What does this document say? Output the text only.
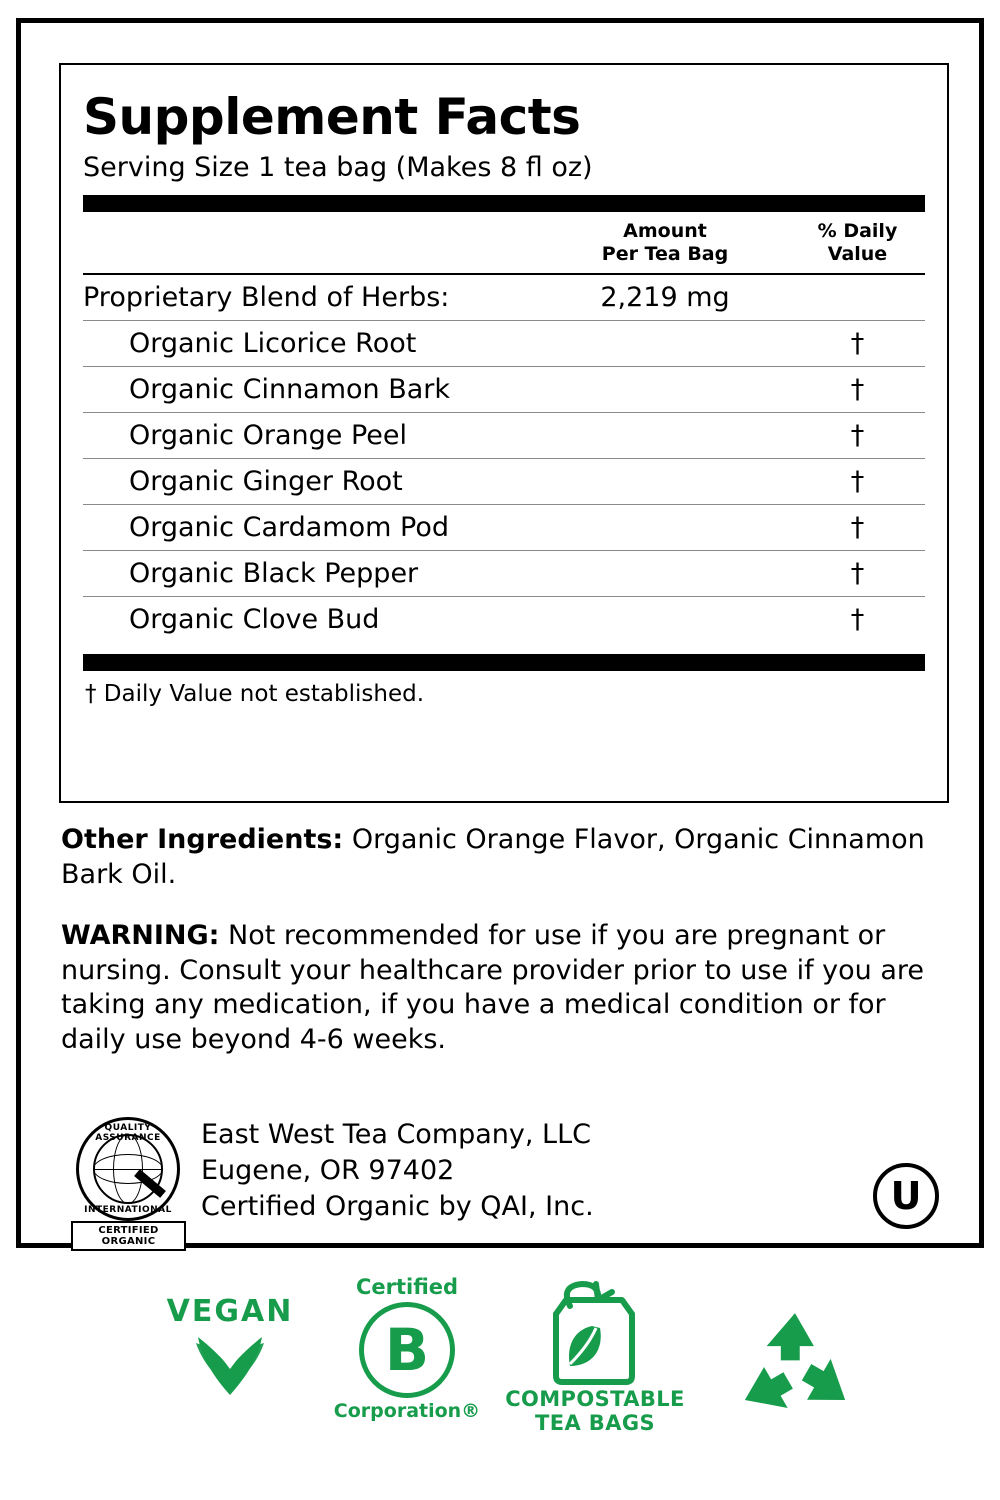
Supplement Facts
Serving Size 1 tea bag (Makes 8 fl oz)
Amount
Per Tea Bag
% Daily
Value
Proprietary Blend of Herbs:	2,219 mg
Organic Licorice Root	†
Organic Cinnamon Bark	†
Organic Orange Peel	†
Organic Ginger Root	†
Organic Cardamom Pod	†
Organic Black Pepper	†
Organic Clove Bud	†
† Daily Value not established.
Other Ingredients: Organic Orange Flavor, Organic Cinnamon Bark Oil.
WARNING: Not recommended for use if you are pregnant or nursing. Consult your healthcare provider prior to use if you are taking any medication, if you have a medical condition or for daily use beyond 4-6 weeks.
QUALITY ASSURANCE
INTERNATIONAL
CERTIFIED ORGANIC
East West Tea Company, LLC
Eugene, OR 97402
Certified Organic by QAI, Inc.	U
VEGAN
Certified
B
Corporation®
COMPOSTABLE
TEA BAGS
